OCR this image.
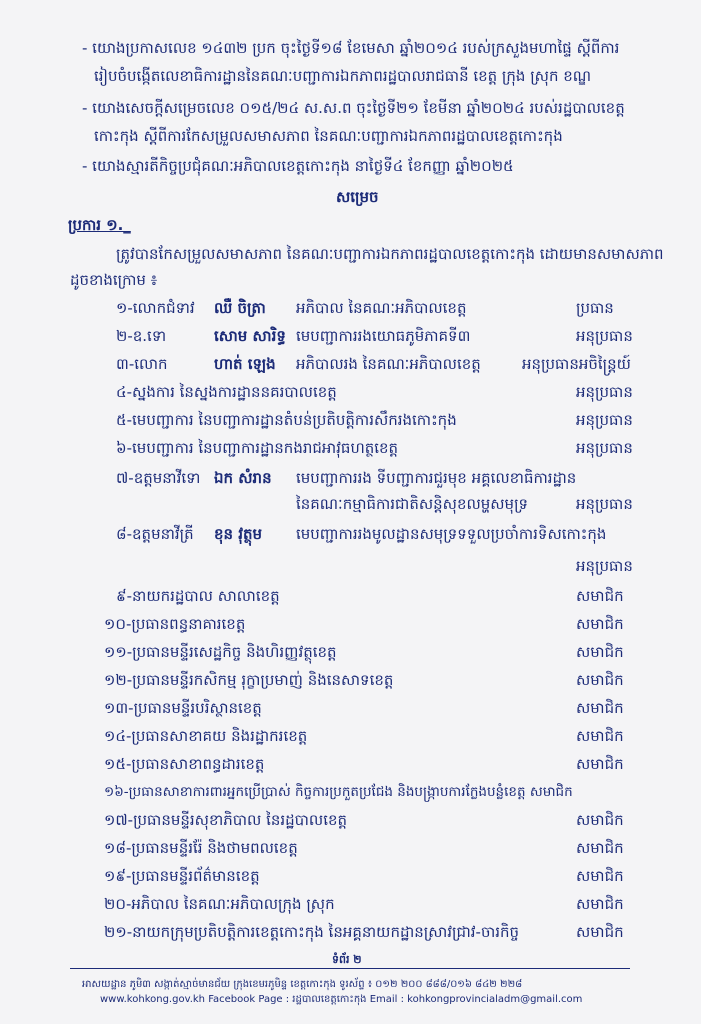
- យោងប្រកាសលេខ ១៤៣២ ប្រក ចុះថ្ងៃទី១៨ ខែមេសា ឆ្នាំ២០១៤ របស់ក្រសួងមហាផ្ទៃ ស្តីពីការ
រៀបចំបង្កើតលេខាធិការដ្ឋាននៃគណៈបញ្ជាការឯកភាពរដ្ឋបាលរាជធានី ខេត្ត ក្រុង ស្រុក ខណ្ឌ
- យោងសេចក្តីសម្រេចលេខ ០១៥/២៤ ស.ស.ព ចុះថ្ងៃទី២១ ខែមីនា ឆ្នាំ២០២៤ របស់រដ្ឋបាលខេត្ត
កោះកុង ស្តីពីការកែសម្រួលសមាសភាព នៃគណៈបញ្ជាការឯកភាពរដ្ឋបាលខេត្តកោះកុង
- យោងស្មារតីកិច្ចប្រជុំគណៈអភិបាលខេត្តកោះកុង នាថ្ងៃទី៤ ខែកញ្ញា ឆ្នាំ២០២៥
សម្រេច
ប្រការ ១._
ត្រូវបានកែសម្រួលសមាសភាព នៃគណៈបញ្ជាការឯកភាពរដ្ឋបាលខេត្តកោះកុង ដោយមានសមាសភាព
ដូចខាងក្រោម ៖
១-លោកជំទាវ ឈឺ ចិត្រា អភិបាល នៃគណៈអភិបាលខេត្ត	ប្រធាន
២-ឧ.ទោ	សោម សារិទ្ធ មេបញ្ជាការរងយោធភូមិភាគទី៣	អនុប្រធាន
៣-លោក	ហាត់ ឡេង អភិបាលរង នៃគណៈអភិបាលខេត្ត	អនុប្រធានអចិន្ត្រៃយ៍
៤-ស្នងការ នៃស្នងការដ្ឋាននគរបាលខេត្ត	អនុប្រធាន
៥-មេបញ្ជាការ នៃបញ្ជាការដ្ឋានតំបន់ប្រតិបត្តិការសឹករងកោះកុង	អនុប្រធាន
៦-មេបញ្ជាការ នៃបញ្ជាការដ្ឋានកងរាជអាវុធហត្ថខេត្ត	អនុប្រធាន
៧-ឧត្តមនាវីទោ ឯក សំរាន មេបញ្ជាការរង ទីបញ្ជាការជួរមុខ អគ្គលេខាធិការដ្ឋាន
នៃគណៈកម្មាធិការជាតិសន្តិសុខលម្ហសមុទ្រ	អនុប្រធាន
៨-ឧត្តមនាវីត្រី ខុន វុត្ថុម មេបញ្ជាការរងមូលដ្ឋានសមុទ្រទទួលប្រចាំការទិសកោះកុង
អនុប្រធាន
៩-នាយករដ្ឋបាល សាលាខេត្ត	សមាជិក
១០-ប្រធានពន្ធនាគារខេត្ត	សមាជិក
១១-ប្រធានមន្ទីរសេដ្ឋកិច្ច និងហិរញ្ញវត្ថុខេត្ត	សមាជិក
១២-ប្រធានមន្ទីរកសិកម្ម រុក្ខាប្រមាញ់ និងនេសាទខេត្ត	សមាជិក
១៣-ប្រធានមន្ទីរបរិស្ថានខេត្ត	សមាជិក
១៤-ប្រធានសាខាគយ និងរដ្ឋាករខេត្ត	សមាជិក
១៥-ប្រធានសាខាពន្ធដារខេត្ត	សមាជិក
១៦-ប្រធានសាខាការពារអ្នកប្រើប្រាស់ កិច្ចការប្រកួតប្រជែង និងបង្ក្រាបការក្លែងបន្លំខេត្ត សមាជិក
១៧-ប្រធានមន្ទីរសុខាភិបាល នៃរដ្ឋបាលខេត្ត	សមាជិក
១៨-ប្រធានមន្ទីររ៉ែ និងថាមពលខេត្ត	សមាជិក
១៩-ប្រធានមន្ទីរព័ត៌មានខេត្ត	សមាជិក
២០-អភិបាល នៃគណៈអភិបាលក្រុង ស្រុក	សមាជិក
២១-នាយកក្រុមប្រតិបត្តិការខេត្តកោះកុង នៃអគ្គនាយកដ្ឋានស្រាវជ្រាវ-ចារកិច្ច	សមាជិក
ទំព័រ ២
អាសយដ្ឋាន ភូមិ៣ សង្កាត់ស្មាច់មានជ័យ ក្រុងខេមរភូមិន្ទ ខេត្តកោះកុង ទូរស័ព្ទ ៖ ០១២ ២០០ ៨៨៨/០១៦ ៨៤២ ២២៨
www.kohkong.gov.kh Facebook Page : រដ្ឋបាលខេត្តកោះកុង Email : kohkongprovincialadm@gmail.com
